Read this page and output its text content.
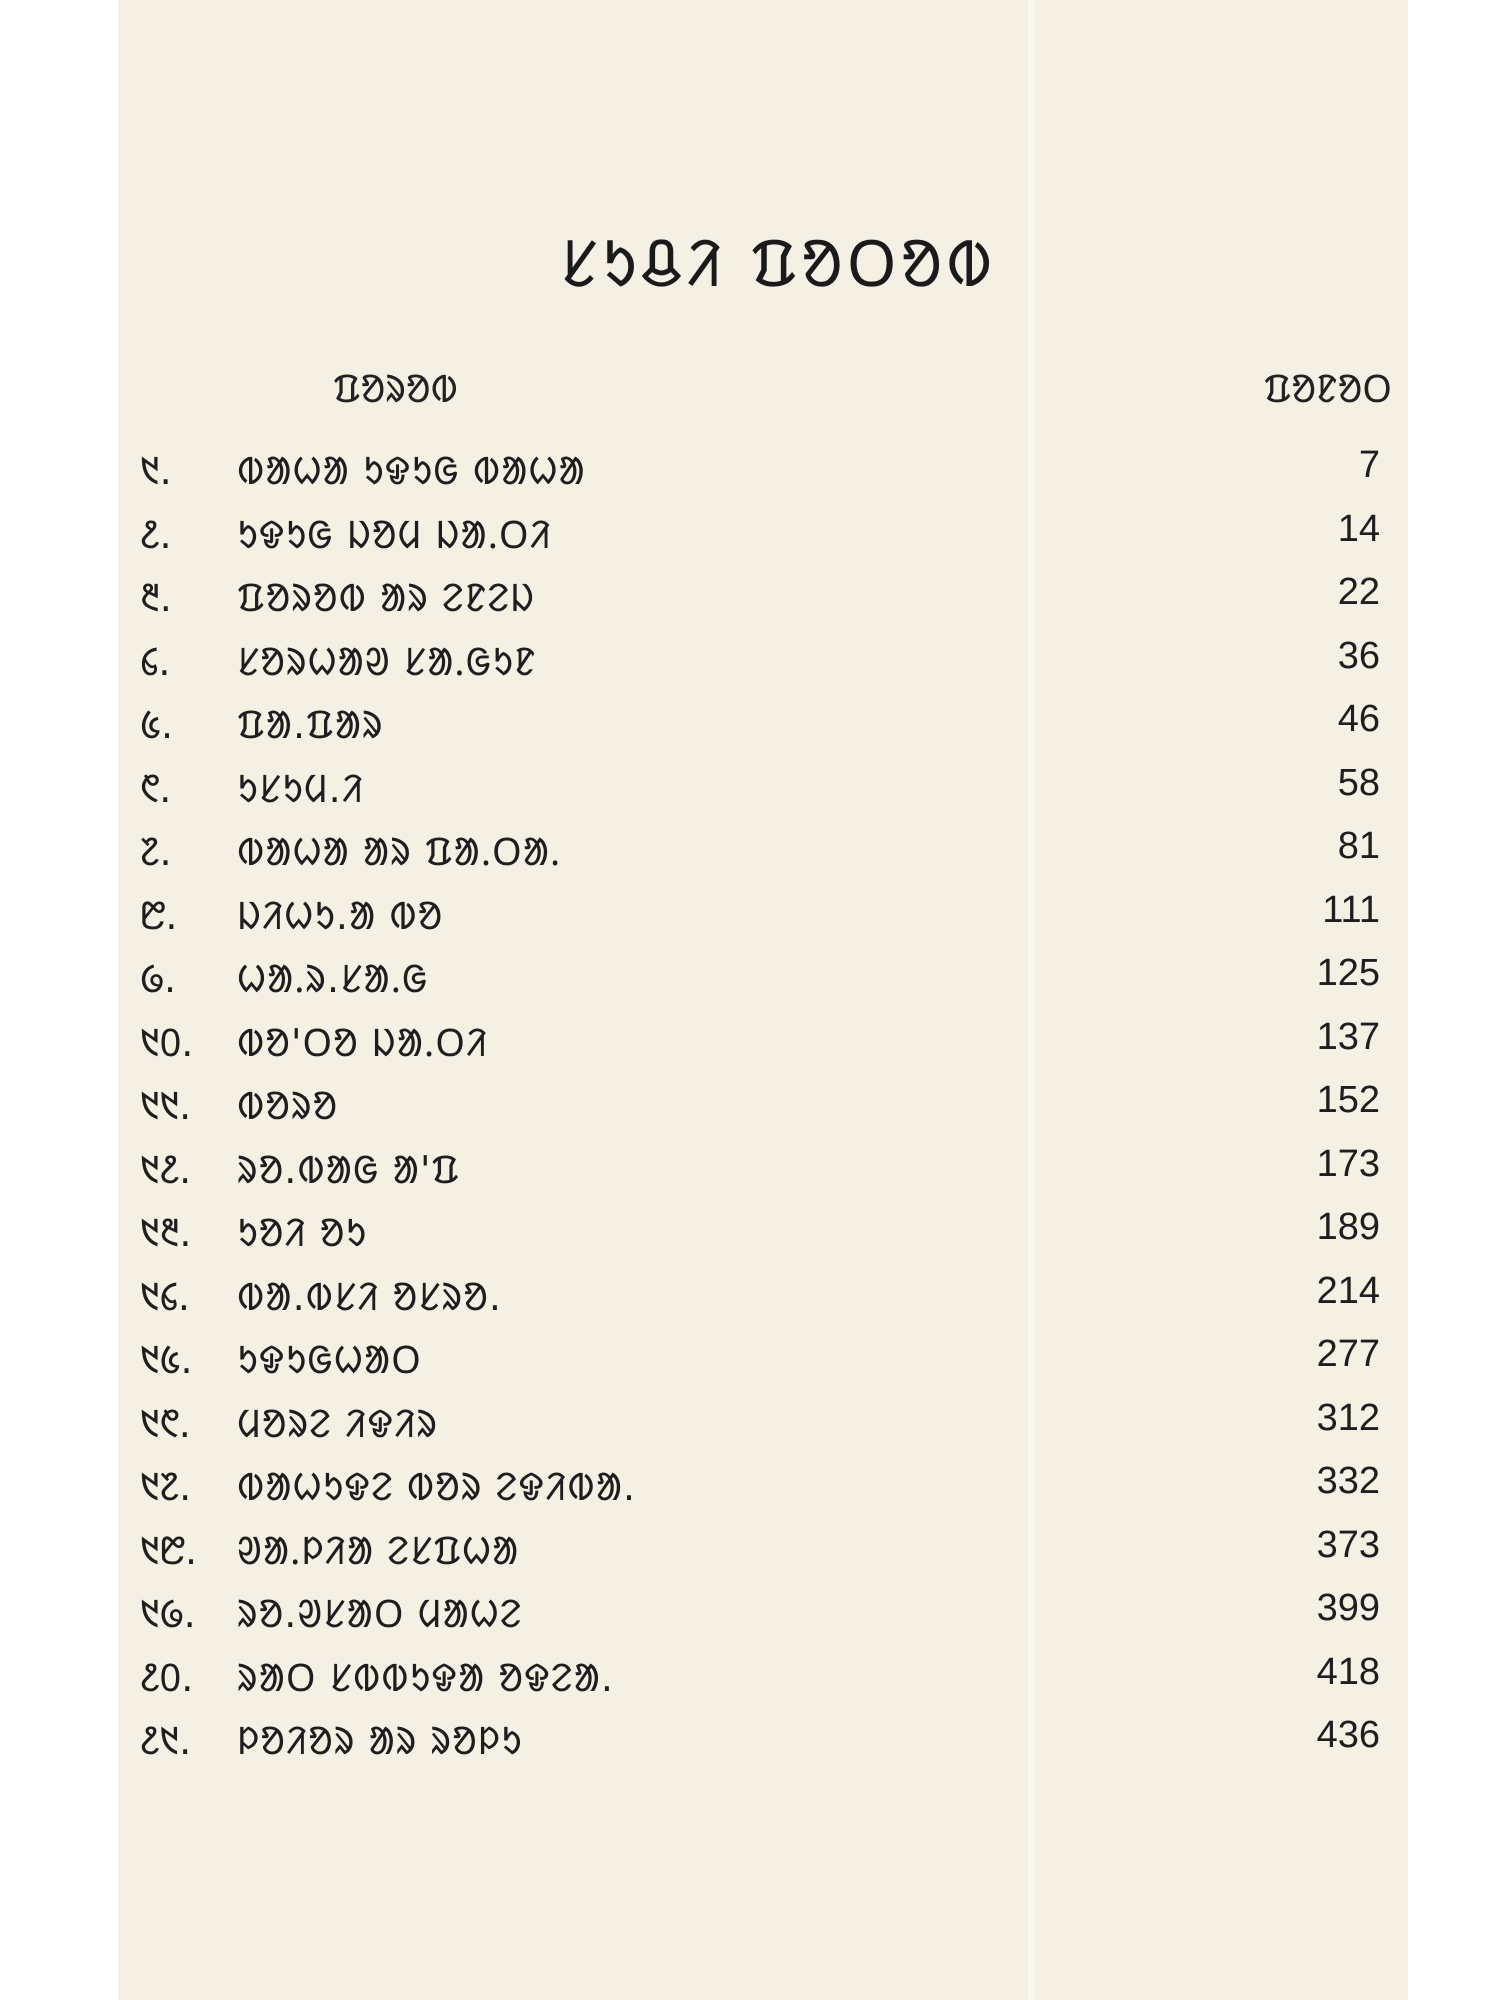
ᱥᱩᱪᱤ ᱯᱚᱛᱚᱵ
ᱯᱚᱨᱚᱵ	ᱯᱚᱱᱚᱛ
᱑. ᱵᱟᱦᱟ ᱩᱫᱩᱜ ᱵᱟᱦᱟ	7
᱒. ᱩᱫᱩᱜ ᱡᱚᱢ ᱡᱟᱹᱛᱤ	14
᱓. ᱯᱚᱨᱚᱵ ᱟᱨ ᱮᱱᱮᱡ	22
᱔. ᱥᱚᱨᱦᱟᱣ ᱥᱟᱹᱜᱩᱱ	36
᱕. ᱯᱟ.ᱯᱟᱨ	46
᱖. ᱩᱥᱩᱢ.ᱤ	58
᱗. ᱵᱟᱦᱟ ᱟᱨ ᱯᱟᱹᱛᱟᱹ	81
᱘. ᱡᱤᱦᱩ.ᱟ ᱵᱚ	111
᱙. ᱦᱟᱹᱨ.ᱥᱟᱹᱜ	125
᱑᱐. ᱵᱚ'ᱛᱚ ᱡᱟᱹᱛᱤ	137
᱑᱑. ᱵᱚᱨᱚ	152
᱑᱒. ᱨᱚ.ᱵᱟᱜ ᱟ'ᱯ	173
᱑᱓. ᱩᱚᱤ ᱚᱩ	189
᱑᱔. ᱵᱟ.ᱵᱥᱤ ᱚᱥᱨᱚ.	214
᱑᱕. ᱩᱫᱩᱜᱦᱟᱛ	277
᱑᱖. ᱢᱚᱨᱮ ᱤᱫᱤᱨ	312
᱑᱗. ᱵᱟᱦᱩᱫᱮ ᱵᱚᱨ ᱮᱫᱤᱵᱟ.	332
᱑᱘. ᱣᱟᱹᱞᱤᱟ ᱮᱥᱯᱦᱟ	373
᱑᱙. ᱨᱚ.ᱣᱥᱟᱛ ᱢᱟᱦᱮ	399
᱒᱐. ᱨᱟᱛ ᱥᱵᱵᱩᱫᱟ ᱚᱫᱮᱟ.	418
᱒᱑. ᱞᱚᱤᱚᱨ ᱟᱨ ᱨᱚᱞᱩ	436
